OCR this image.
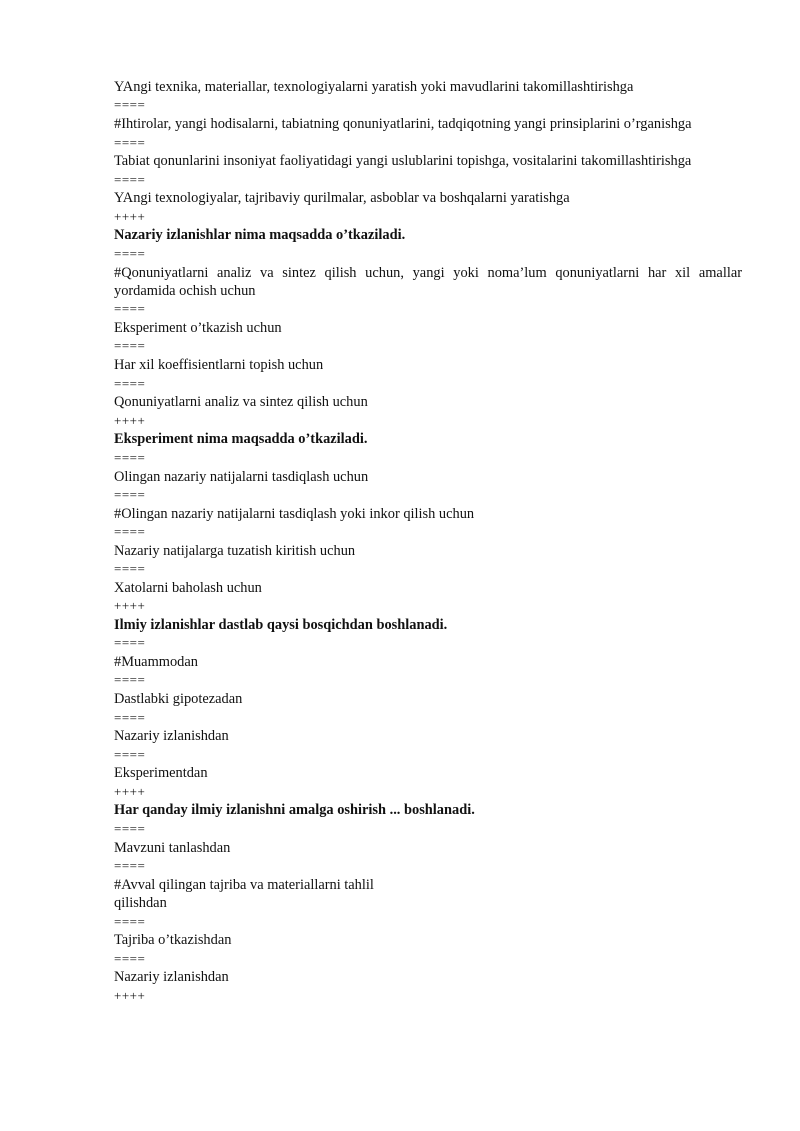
YAngi texnika, materiallar, texnologiyalarni yaratish yoki mavudlarini takomillashtirishga
====
#Ihtirolar, yangi hodisalarni, tabiatning qonuniyatlarini, tadqiqotning yangi prinsiplarini o’rganishga
====
Tabiat qonunlarini insoniyat faoliyatidagi yangi uslublarini topishga, vositalarini takomillashtirishga
====
YAngi texnologiyalar, tajribaviy qurilmalar, asboblar va boshqalarni yaratishga
++++
Nazariy izlanishlar nima maqsadda o’tkaziladi.
====
#Qonuniyatlarni analiz va sintez qilish uchun, yangi yoki noma’lum qonuniyatlarni har xil amallar yordamida ochish uchun
====
Eksperiment o’tkazish uchun
====
Har xil koeffisientlarni topish uchun
====
Qonuniyatlarni analiz va sintez qilish uchun
++++
Eksperiment nima maqsadda o’tkaziladi.
====
Olingan nazariy natijalarni tasdiqlash uchun
====
#Olingan nazariy natijalarni tasdiqlash yoki inkor qilish uchun
====
Nazariy natijalarga tuzatish kiritish uchun
====
Xatolarni baholash uchun
++++
Ilmiy izlanishlar dastlab qaysi bosqichdan boshlanadi.
====
#Muammodan
====
Dastlabki gipotezadan
====
Nazariy izlanishdan
====
Eksperimentdan
++++
Har qanday ilmiy izlanishni amalga oshirish ... boshlanadi.
====
Mavzuni tanlashdan
====
#Avval qilingan tajriba va materiallarni tahlil qilishdan
====
Tajriba o’tkazishdan
====
Nazariy izlanishdan
++++
